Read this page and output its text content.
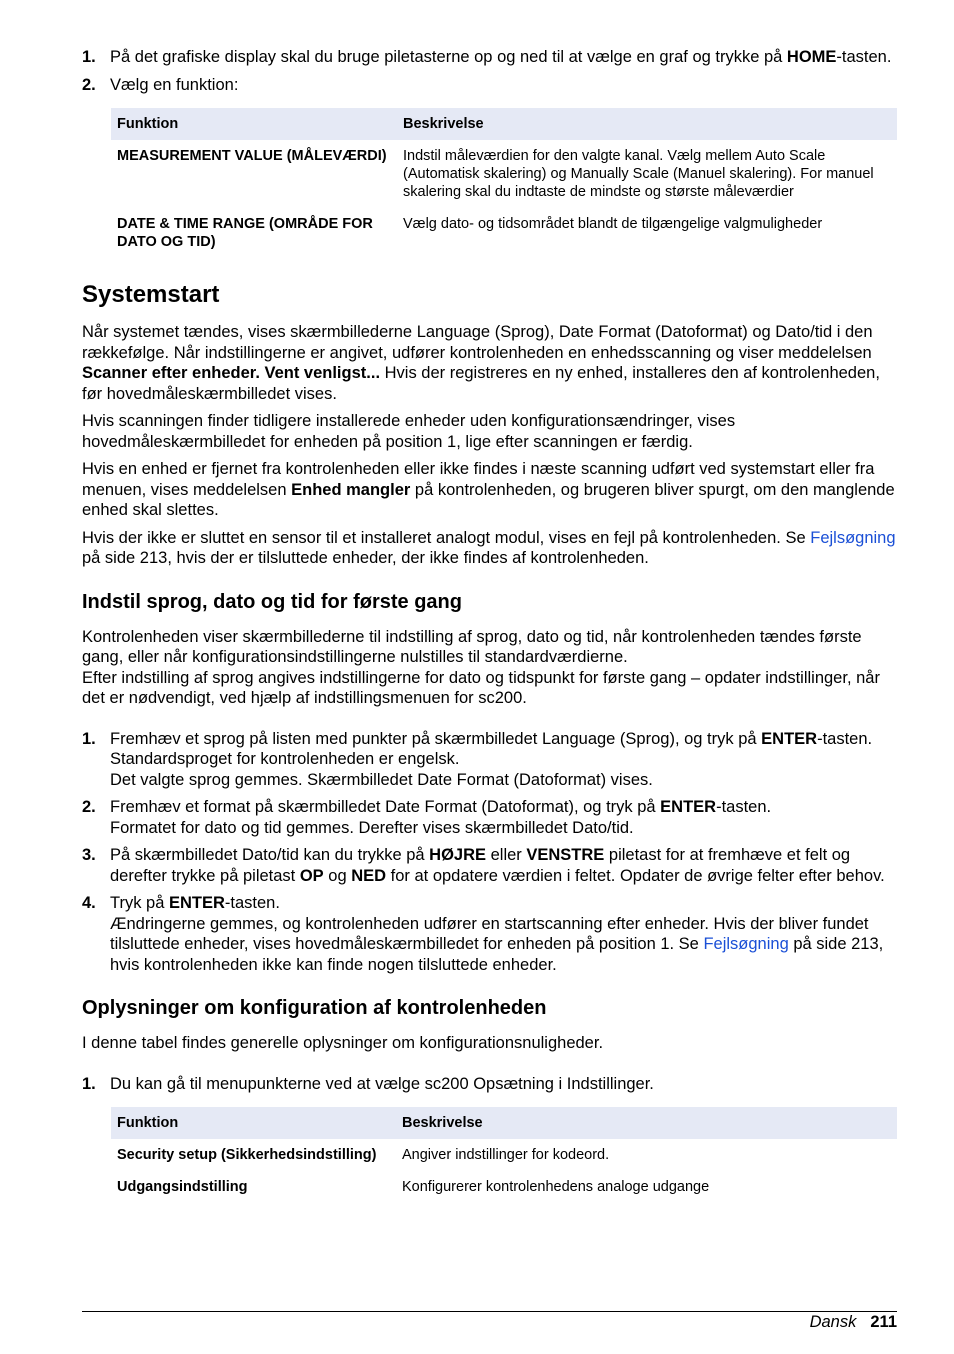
1. På det grafiske display skal du bruge piletasterne op og ned til at vælge en graf og trykke på HOME-tasten.
2. Vælg en funktion:
Funktion	Beskrivelse
MEASUREMENT VALUE (MÅLEVÆRDI)	Indstil måleværdien for den valgte kanal. Vælg mellem Auto Scale (Automatisk skalering) og Manually Scale (Manuel skalering). For manuel skalering skal du indtaste de mindste og største måleværdier
DATE & TIME RANGE (OMRÅDE FOR DATO OG TID)	Vælg dato- og tidsområdet blandt de tilgængelige valgmuligheder
Systemstart

Når systemet tændes, vises skærmbillederne Language (Sprog), Date Format (Datoformat) og Dato/tid i den rækkefølge. Når indstillingerne er angivet, udfører kontrolenheden en enhedsscanning og viser meddelelsen Scanner efter enheder. Vent venligst... Hvis der registreres en ny enhed, installeres den af kontrolenheden, før hovedmåleskærmbilledet vises.

Hvis scanningen finder tidligere installerede enheder uden konfigurationsændringer, vises hovedmåleskærmbilledet for enheden på position 1, lige efter scanningen er færdig.

Hvis en enhed er fjernet fra kontrolenheden eller ikke findes i næste scanning udført ved systemstart eller fra menuen, vises meddelelsen Enhed mangler på kontrolenheden, og brugeren bliver spurgt, om den manglende enhed skal slettes.

Hvis der ikke er sluttet en sensor til et installeret analogt modul, vises en fejl på kontrolenheden. Se Fejlsøgning på side 213, hvis der er tilsluttede enheder, der ikke findes af kontrolenheden.

Indstil sprog, dato og tid for første gang

Kontrolenheden viser skærmbillederne til indstilling af sprog, dato og tid, når kontrolenheden tændes første gang, eller når konfigurationsindstillingerne nulstilles til standardværdierne.

Efter indstilling af sprog angives indstillingerne for dato og tidspunkt for første gang – opdater indstillinger, når det er nødvendigt, ved hjælp af indstillingsmenuen for sc200.

1. Fremhæv et sprog på listen med punkter på skærmbilledet Language (Sprog), og tryk på ENTER-tasten. Standardsproget for kontrolenheden er engelsk.
Det valgte sprog gemmes. Skærmbilledet Date Format (Datoformat) vises.
2. Fremhæv et format på skærmbilledet Date Format (Datoformat), og tryk på ENTER-tasten.
Formatet for dato og tid gemmes. Derefter vises skærmbilledet Dato/tid.
3. På skærmbilledet Dato/tid kan du trykke på HØJRE eller VENSTRE piletast for at fremhæve et felt og derefter trykke på piletast OP og NED for at opdatere værdien i feltet. Opdater de øvrige felter efter behov.
4. Tryk på ENTER-tasten.
Ændringerne gemmes, og kontrolenheden udfører en startscanning efter enheder. Hvis der bliver fundet tilsluttede enheder, vises hovedmåleskærmbilledet for enheden på position 1. Se Fejlsøgning på side 213, hvis kontrolenheden ikke kan finde nogen tilsluttede enheder.
Oplysninger om konfiguration af kontrolenheden

I denne tabel findes generelle oplysninger om konfigurationsnuligheder.

1. Du kan gå til menupunkterne ved at vælge sc200 Opsætning i Indstillinger.
Funktion	Beskrivelse
Security setup (Sikkerhedsindstilling)	Angiver indstillinger for kodeord.
Udgangsindstilling	Konfigurerer kontrolenhedens analoge udgange
Dansk 211
